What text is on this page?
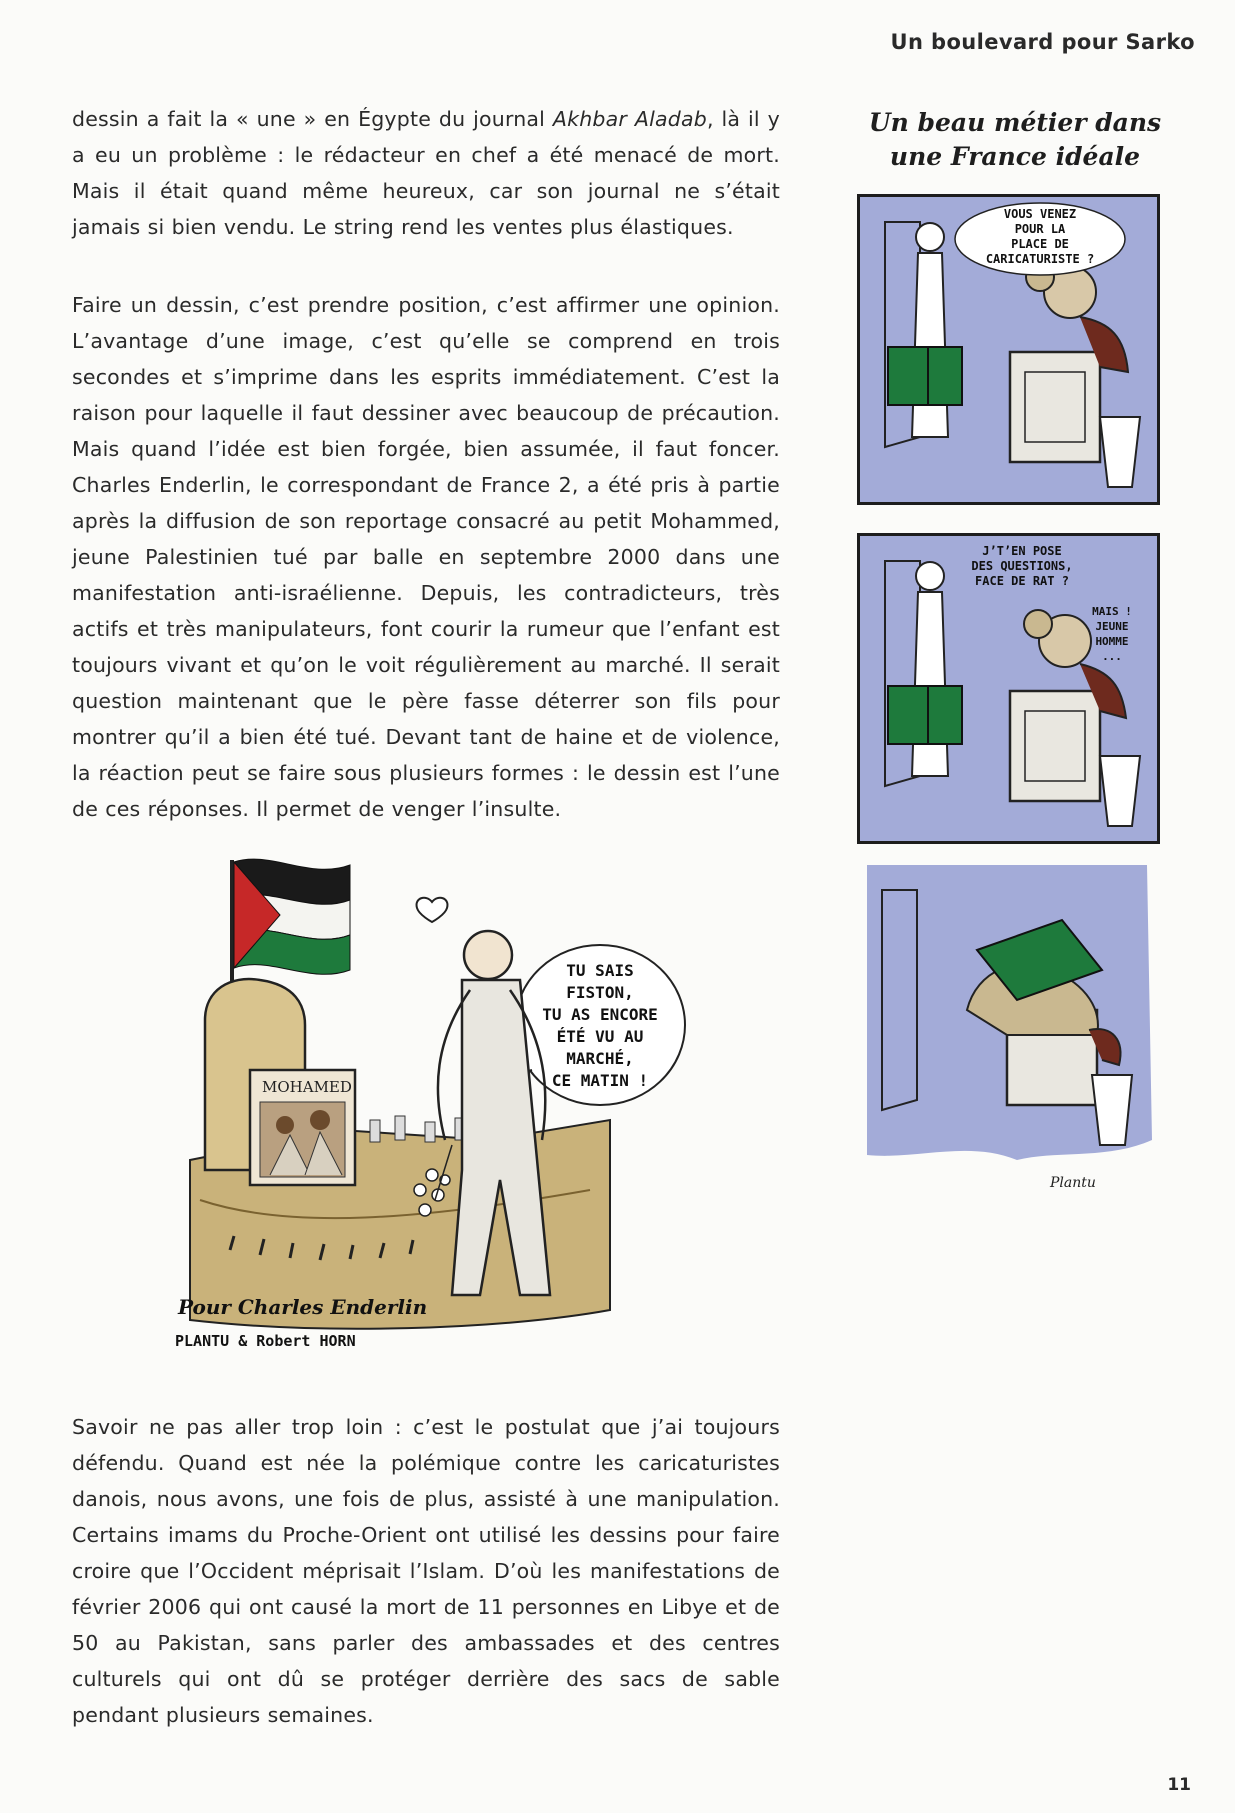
Un boulevard pour Sarko

dessin a fait la « une » en Égypte du journal Akhbar Aladab, là il y a eu un problème : le rédacteur en chef a été menacé de mort. Mais il était quand même heureux, car son journal ne s’était jamais si bien vendu. Le string rend les ventes plus élastiques.

Faire un dessin, c’est prendre position, c’est affirmer une opinion. L’avantage d’une image, c’est qu’elle se comprend en trois secondes et s’imprime dans les esprits immédiatement. C’est la raison pour laquelle il faut dessiner avec beaucoup de précaution. Mais quand l’idée est bien forgée, bien assumée, il faut foncer. Charles Enderlin, le correspondant de France 2, a été pris à partie après la diffusion de son reportage consacré au petit Mohammed, jeune Palestinien tué par balle en septembre 2000 dans une manifestation anti-israélienne. Depuis, les contradicteurs, très actifs et très manipulateurs, font courir la rumeur que l’enfant est toujours vivant et qu’on le voit régulièrement au marché. Il serait question maintenant que le père fasse déterrer son fils pour montrer qu’il a bien été tué. Devant tant de haine et de violence, la réaction peut se faire sous plusieurs formes : le dessin est l’une de ces réponses. Il permet de venger l’insulte.

TU SAIS
FISTON,
TU AS ENCORE
ÉTÉ VU AU
MARCHÉ,
CE MATIN !
MOHAMED
Pour Charles Enderlin
PLANTU & Robert HORN

Savoir ne pas aller trop loin : c’est le postulat que j’ai toujours défendu. Quand est née la polémique contre les caricaturistes danois, nous avons, une fois de plus, assisté à une manipulation. Certains imams du Proche-Orient ont utilisé les dessins pour faire croire que l’Occident méprisait l’Islam. D’où les manifestations de février 2006 qui ont causé la mort de 11 personnes en Libye et de 50 au Pakistan, sans parler des ambassades et des centres culturels qui ont dû se protéger derrière des sacs de sable pendant plusieurs semaines.

Un beau métier dans une France idéale
VOUS VENEZ
POUR LA
PLACE DE
CARICATURISTE ?
J’T’EN POSE
DES QUESTIONS,
FACE DE RAT ?
MAIS !
JEUNE
HOMME
...
Plantu
11
